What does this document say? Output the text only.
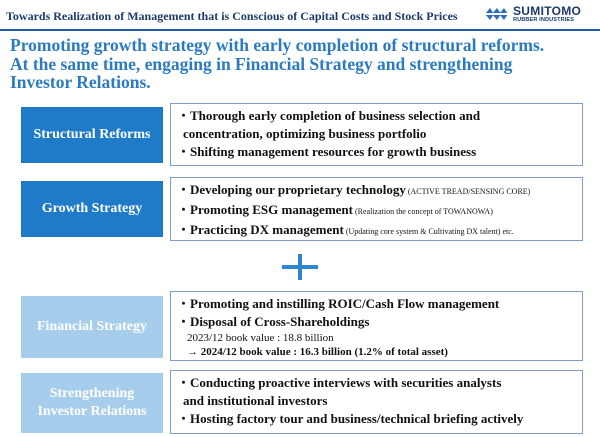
Towards Realization of Management that is Conscious of Capital Costs and Stock Prices	SUMITOMO
RUBBER INDUSTRIES
Promoting growth strategy with early completion of structural reforms.
At the same time, engaging in Financial Strategy and strengthening
Investor Relations.
Structural Reforms
・Thorough early completion of business selection and
concentration, optimizing business portfolio
・Shifting management resources for growth business
Growth Strategy
・Developing our proprietary technology (ACTIVE TREAD/SENSING CORE)
・Promoting ESG management (Realization the concept of TOWANOWA)
・Practicing DX management (Updating core system & Cultivating DX talent) etc.
Financial Strategy
・Promoting and instilling ROIC/Cash Flow management
・Disposal of Cross-Shareholdings
2023/12 book value : 18.8 billion
→ 2024/12 book value : 16.3 billion (1.2% of total asset)
Strengthening
Investor Relations
・Conducting proactive interviews with securities analysts
and institutional investors
・Hosting factory tour and business/technical briefing actively
